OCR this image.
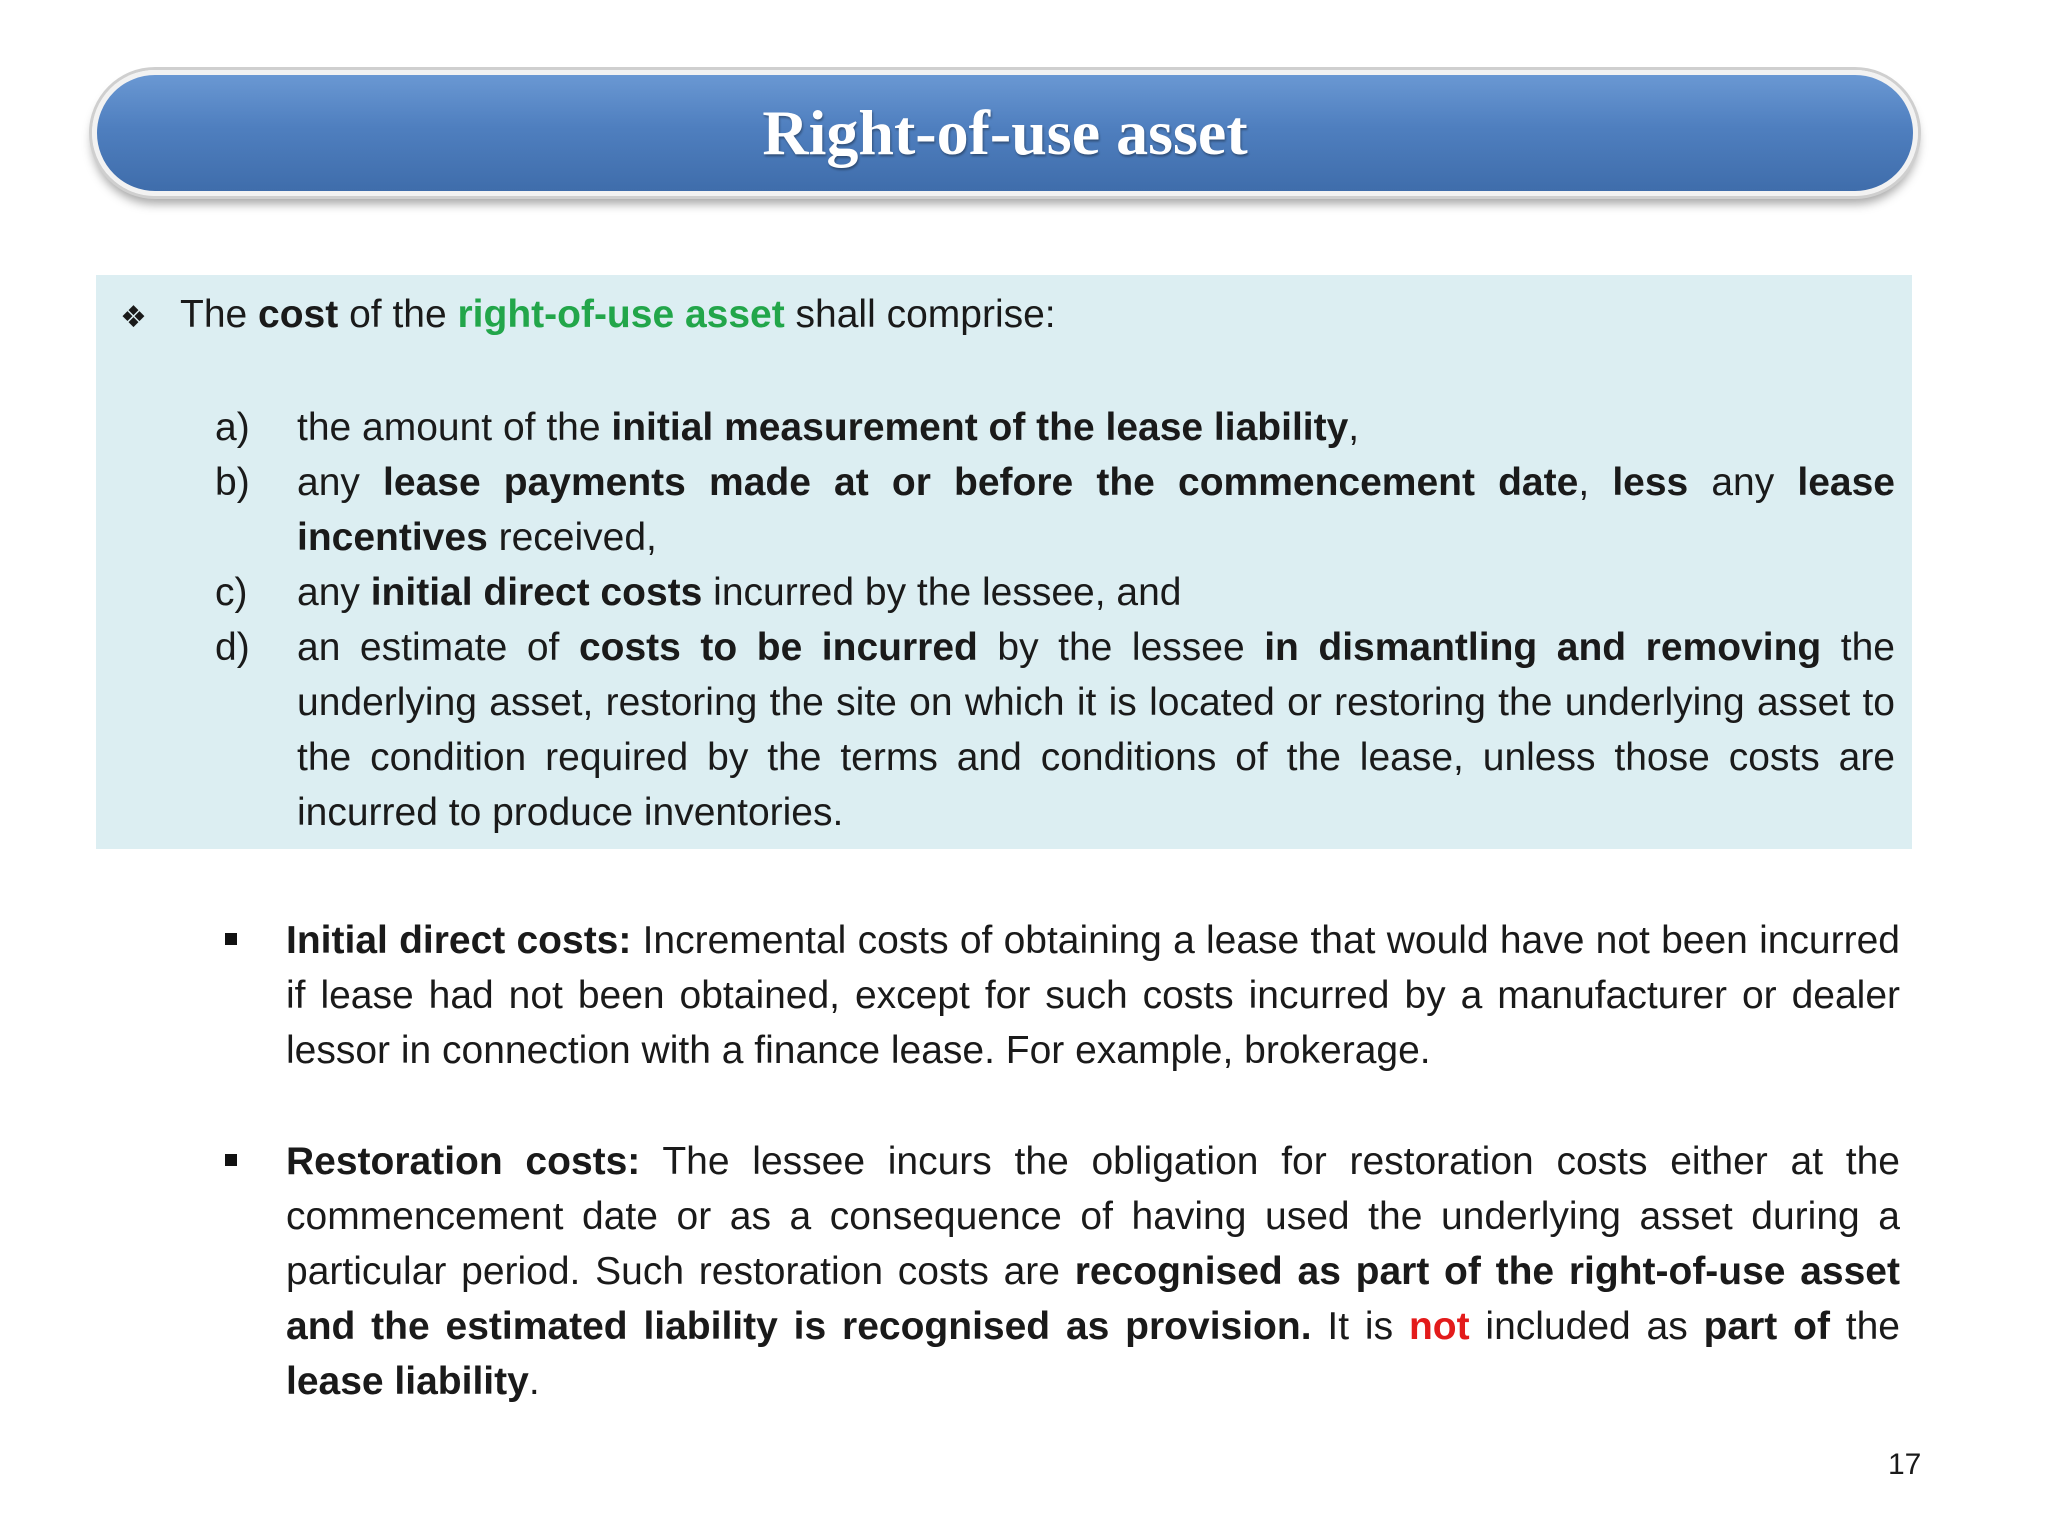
Right-of-use asset
❖ The cost of the right-of-use asset shall comprise:
a)	the amount of the initial measurement of the lease liability,
b)	any lease payments made at or before the commencement date, less any lease incentives received,
c)	any initial direct costs incurred by the lessee, and
d)	an estimate of costs to be incurred by the lessee in dismantling and removing the underlying asset, restoring the site on which it is located or restoring the underlying asset to the condition required by the terms and conditions of the lease, unless those costs are incurred to produce inventories.
Initial direct costs: Incremental costs of obtaining a lease that would have not been incurred if lease had not been obtained, except for such costs incurred by a manufacturer or dealer lessor in connection with a finance lease. For example, brokerage.
Restoration costs: The lessee incurs the obligation for restoration costs either at the commencement date or as a consequence of having used the underlying asset during a particular period. Such restoration costs are recognised as part of the right-of-use asset and the estimated liability is recognised as provision. It is not included as part of the lease liability.
17
